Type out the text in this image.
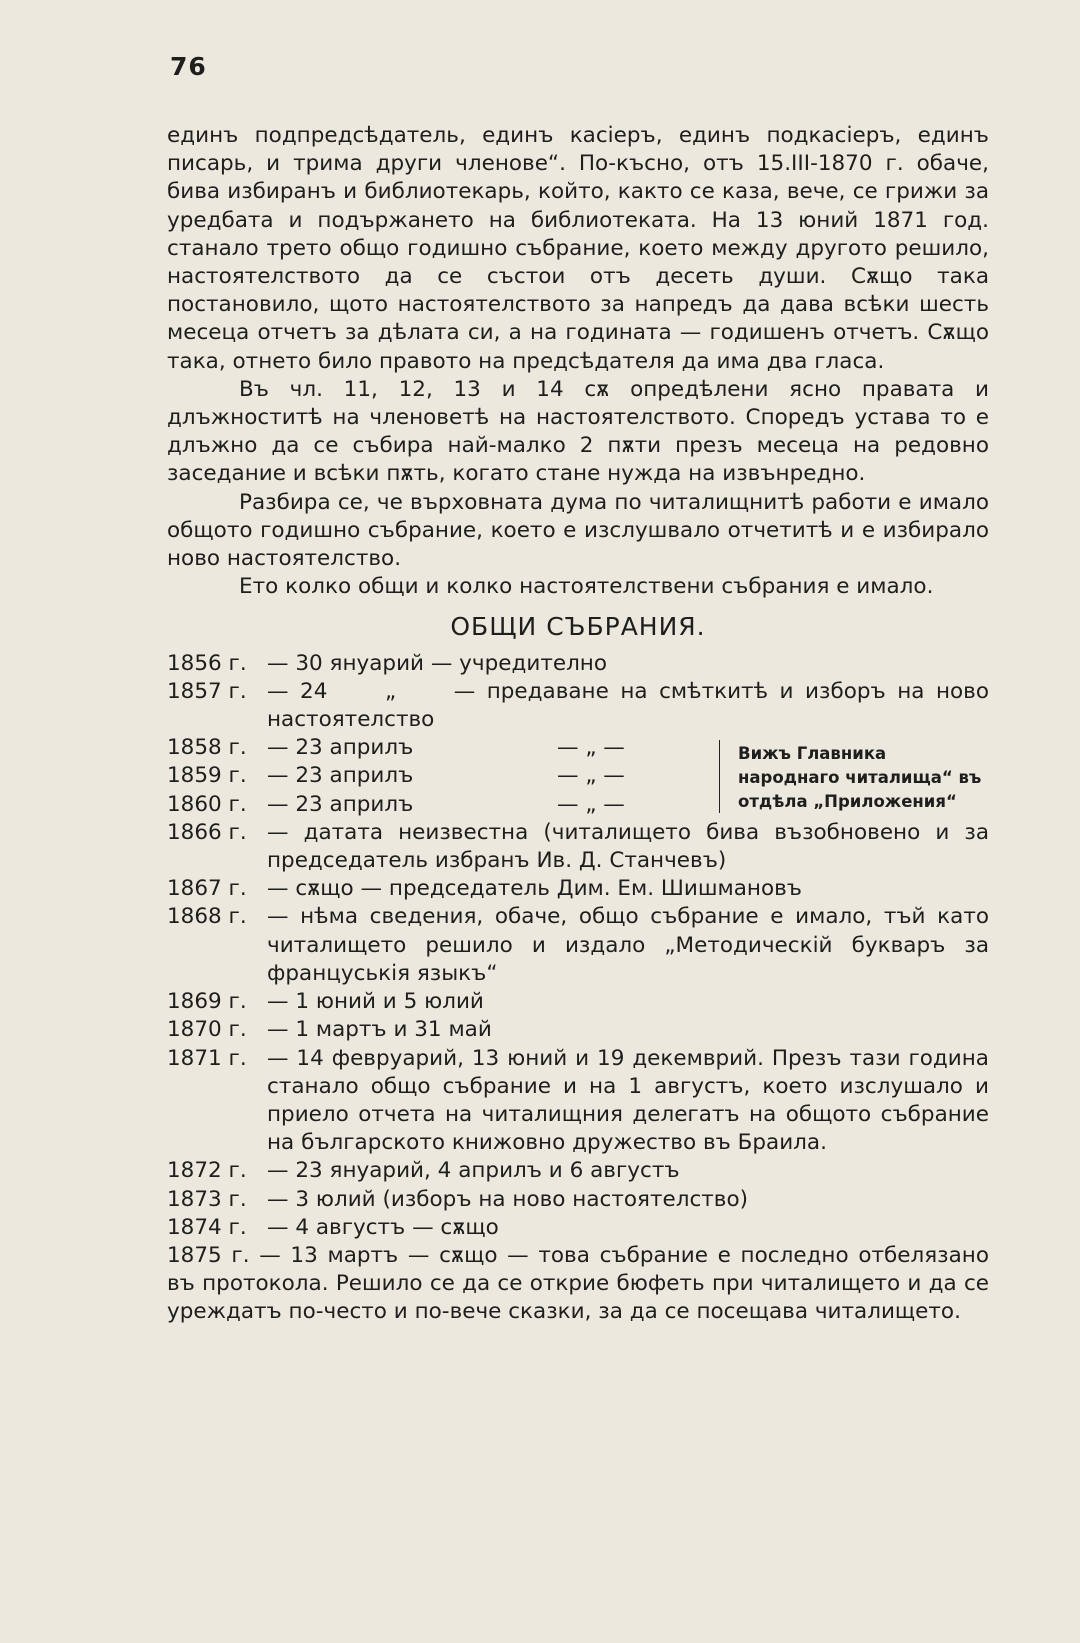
76

единъ подпредсѣдатель, единъ касіеръ, единъ подкасіеръ, единъ писарь, и трима други членове“. По-късно, отъ 15.III-1870 г. обаче, бива избиранъ и библиотекарь, който, както се каза, вече, се грижи за уредбата и подържането на библиотеката. На 13 юний 1871 год. станало трето общо годишно събрание, което между другото решило, настоятелството да се състои отъ десеть души. Сѫщо така постановило, щото настоятелството за напредъ да дава всѣки шесть месеца отчетъ за дѣлата си, а на годината — годишенъ отчетъ. Сѫщо така, отнето било правото на предсѣдателя да има два гласа.

Въ чл. 11, 12, 13 и 14 сѫ опредѣлени ясно правата и длъжноститѣ на членоветѣ на настоятелството. Споредъ устава то е длъжно да се събира най-малко 2 пѫти презъ месеца на редовно заседание и всѣки пѫть, когато стане нужда на извънредно.

Разбира се, че върховната дума по читалищнитѣ работи е имало общото годишно събрание, което е изслушвало отчетитѣ и е избирало ново настоятелство.

Ето колко общи и колко настоятелствени събрания е имало.

ОБЩИ СЪБРАНИЯ.
1856 г. — 30 януарий — учредително
1857 г. — 24     „     — предаване на смѣткитѣ и изборъ на ново настоятелство
1858 г. — 23 априлъ	— „ —
1859 г. — 23 априлъ	— „ —
1860 г. — 23 априлъ	— „ —
Вижъ Главника народнаго читалища“ въ отдѣла „Приложения“
1866 г. — датата неизвестна (читалището бива възобновено и за председатель избранъ Ив. Д. Станчевъ)
1867 г. — сѫщо — председатель Дим. Ем. Шишмановъ
1868 г. — нѣма сведения, обаче, общо събрание е имало, тъй като читалището решило и издало „Методическій букваръ за француськія языкъ“
1869 г. — 1 юний и 5 юлий
1870 г. — 1 мартъ и 31 май
1871 г. — 14 февруарий, 13 юний и 19 декемврий. Презъ тази година станало общо събрание и на 1 августъ, което изслушало и приело отчета на читалищния делегатъ на общото събрание на българското книжовно дружество въ Браила.
1872 г. — 23 януарий, 4 априлъ и 6 августъ
1873 г. — 3 юлий (изборъ на ново настоятелство)
1874 г. — 4 августъ — сѫщо

1875 г. — 13 мартъ — сѫщо — това събрание е последно отбелязано въ протокола. Решило се да се открие бюфеть при читалището и да се уреждатъ по-често и по-вече сказки, за да се посещава читалището.
